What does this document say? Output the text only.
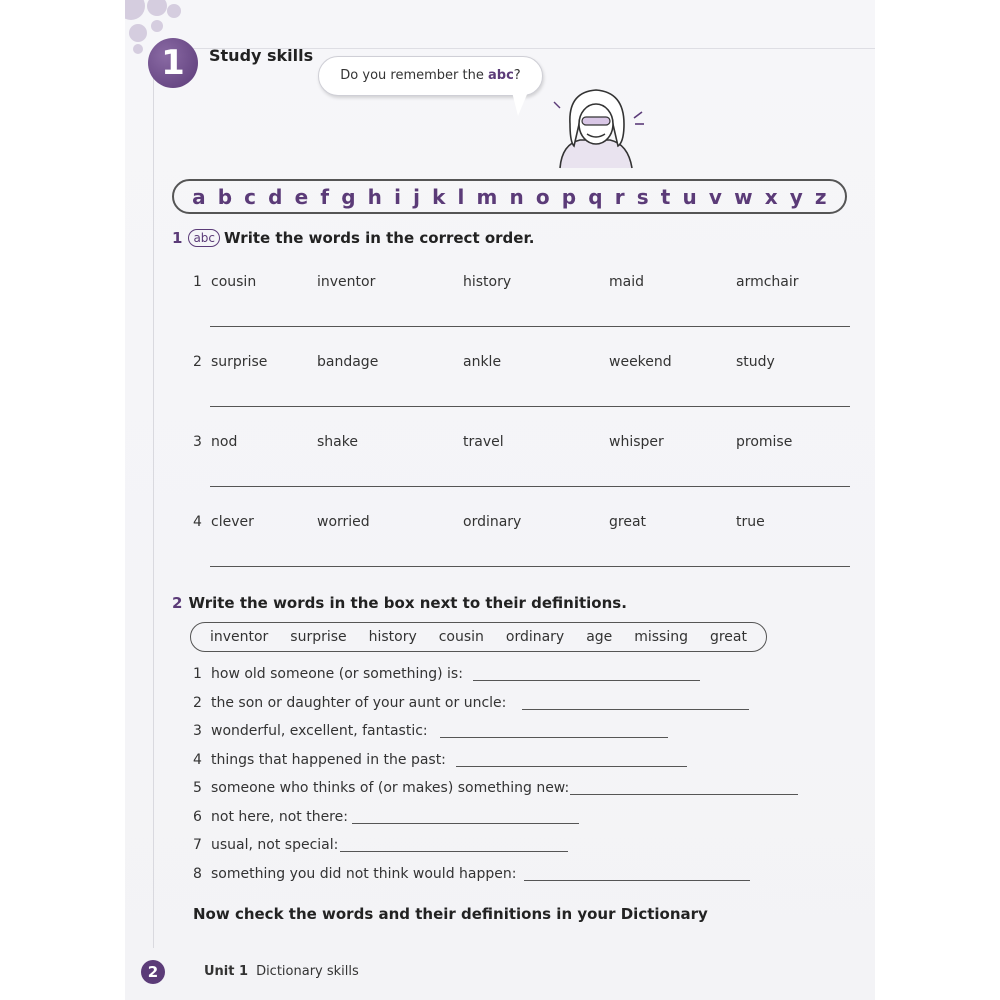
1	Study skills
Do you remember the abc?
a b c d e f g h i j k l m n o p q r s t u v w x y z
1 abc Write the words in the correct order.
1 cousin	inventor	history	maid	armchair
2 surprise	bandage	ankle	weekend	study
3 nod	shake	travel	whisper	promise
4 clever	worried	ordinary	great	true
2 Write the words in the box next to their definitions.
inventor surprise history cousin ordinary age missing great
1 how old someone (or something) is:
2 the son or daughter of your aunt or uncle:
3 wonderful, excellent, fantastic:
4 things that happened in the past:
5 someone who thinks of (or makes) something new:
6 not here, not there:
7 usual, not special:
8 something you did not think would happen:
Now check the words and their definitions in your Dictionary
2	Unit 1 Dictionary skills
